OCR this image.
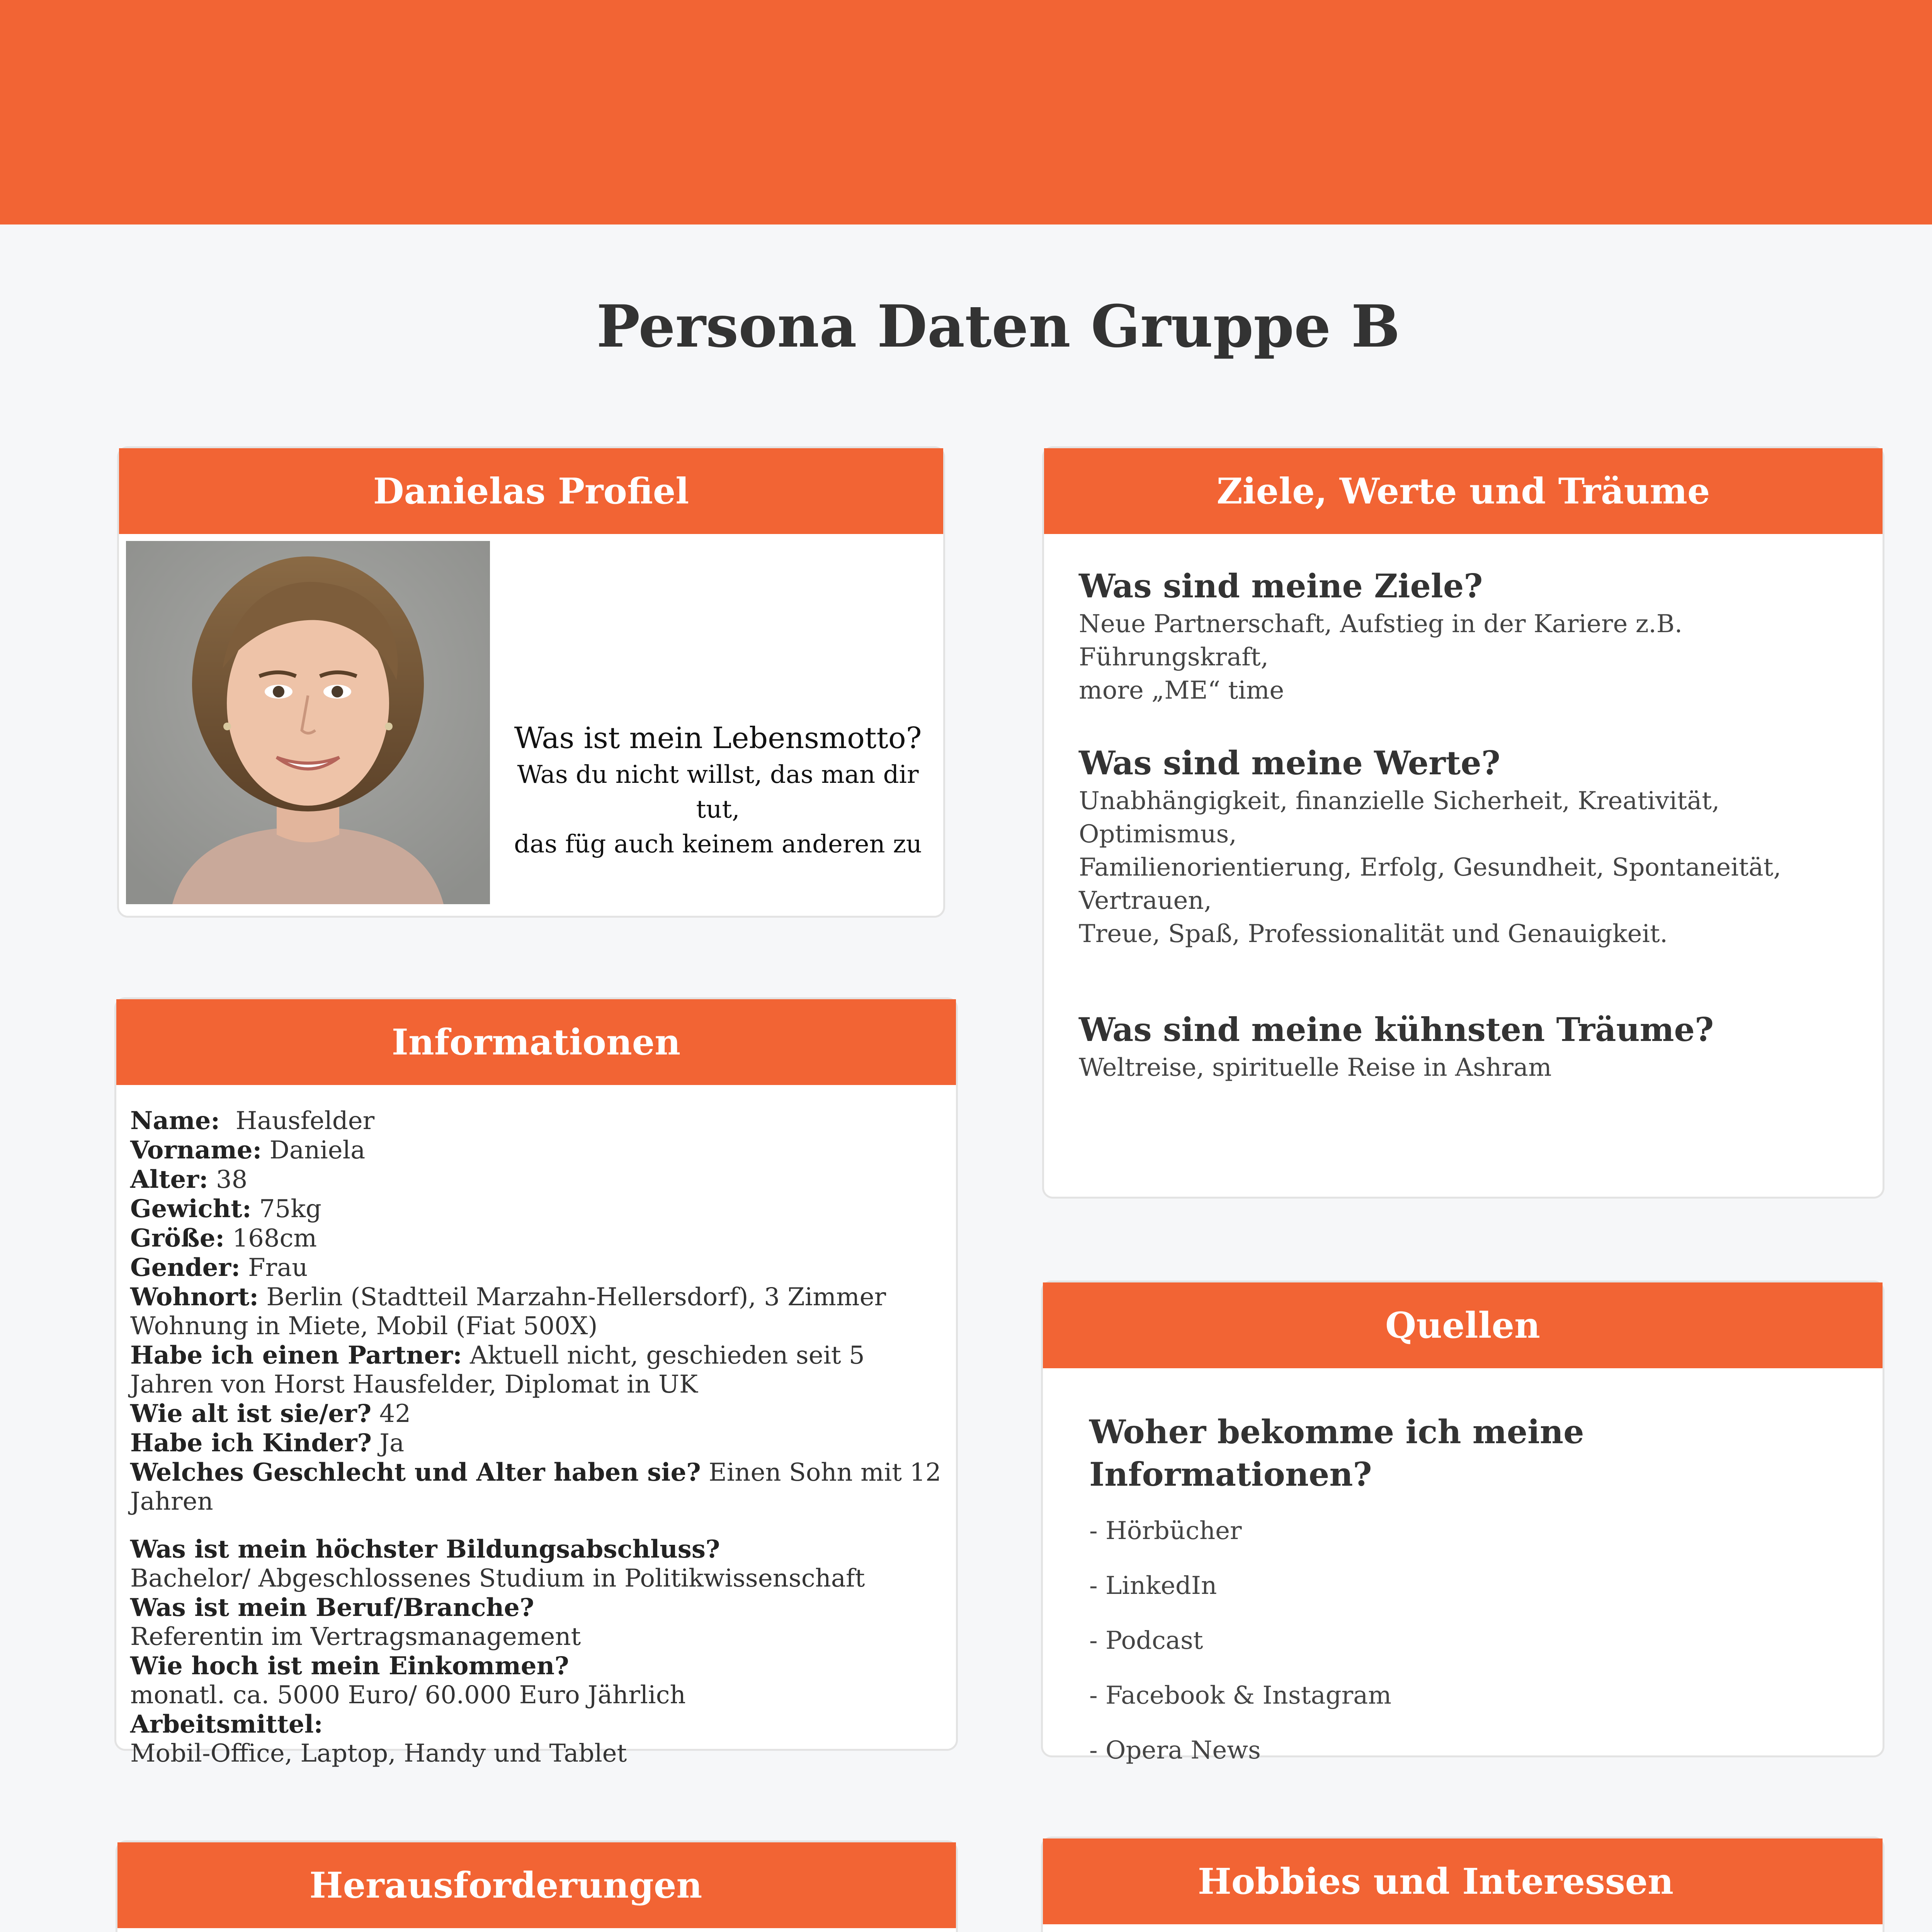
Persona Daten Gruppe B
Danielas Profiel
Was ist mein Lebensmotto?
Was du nicht willst, das man dir tut,
das füg auch keinem anderen zu
Informationen
Name:  Hausfelder
Vorname: Daniela
Alter: 38
Gewicht: 75kg
Größe: 168cm
Gender: Frau
Wohnort: Berlin (Stadtteil Marzahn-Hellersdorf), 3 Zimmer Wohnung in Miete, Mobil (Fiat 500X)
Habe ich einen Partner: Aktuell nicht, geschieden seit 5 Jahren von Horst Hausfelder, Diplomat in UK
Wie alt ist sie/er? 42
Habe ich Kinder? Ja
Welches Geschlecht und Alter haben sie? Einen Sohn mit 12 Jahren
Was ist mein höchster Bildungsabschluss?
Bachelor/ Abgeschlossenes Studium in Politikwissenschaft
Was ist mein Beruf/Branche?
Referentin im Vertragsmanagement
Wie hoch ist mein Einkommen?
monatl. ca. 5000 Euro/ 60.000 Euro Jährlich
Arbeitsmittel:
Mobil-Office, Laptop, Handy und Tablet
Ziele, Werte und Träume
Was sind meine Ziele?
Neue Partnerschaft, Aufstieg in der Kariere z.B. Führungskraft,
more „ME“ time
Was sind meine Werte?
Unabhängigkeit, finanzielle Sicherheit, Kreativität, Optimismus,
Familienorientierung, Erfolg, Gesundheit, Spontaneität, Vertrauen,
Treue, Spaß, Professionalität und Genauigkeit.
Was sind meine kühnsten Träume?
Weltreise, spirituelle Reise in Ashram
Quellen
Woher bekomme ich meine Informationen?
- Hörbücher
- LinkedIn
- Podcast
- Facebook & Instagram
- Opera News
Herausforderungen	Hobbies und Interessen
